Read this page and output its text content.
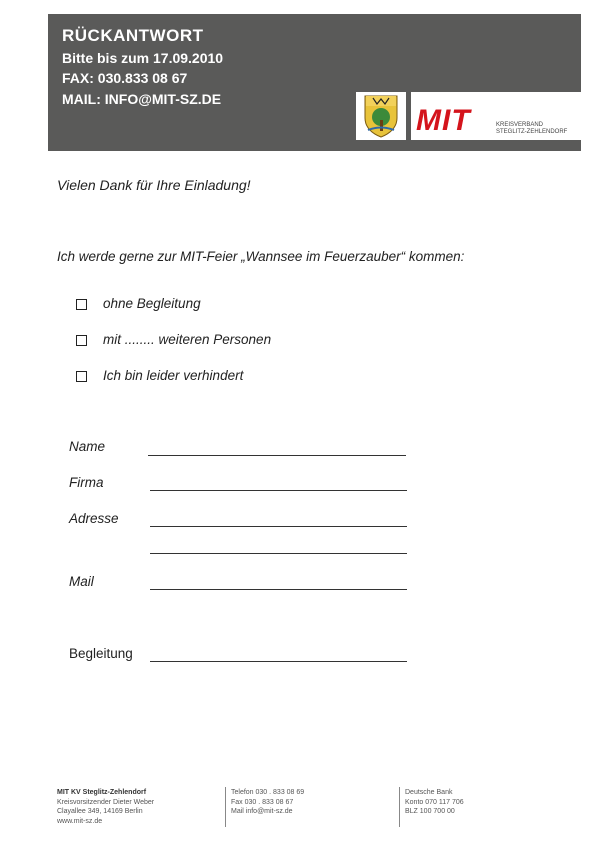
RÜCKANTWORT
Bitte bis zum 17.09.2010
FAX: 030.833 08 67
MAIL: INFO@MIT-SZ.DE
MIT	KREISVERBAND
STEGLITZ-ZEHLENDORF
Vielen Dank für Ihre Einladung!
Ich werde gerne zur MIT-Feier „Wannsee im Feuerzauber“ kommen:
ohne Begleitung
mit ........ weiteren Personen
Ich bin leider verhindert
Name
Firma
Adresse
Mail
Begleitung
MIT KV Steglitz-Zehlendorf
Kreisvorsitzender Dieter Weber
Clayallee 349, 14169 Berlin
www.mit-sz.de
Telefon 030 . 833 08 69
Fax 030 . 833 08 67
Mail info@mit-sz.de
Deutsche Bank
Konto 070 117 706
BLZ 100 700 00
